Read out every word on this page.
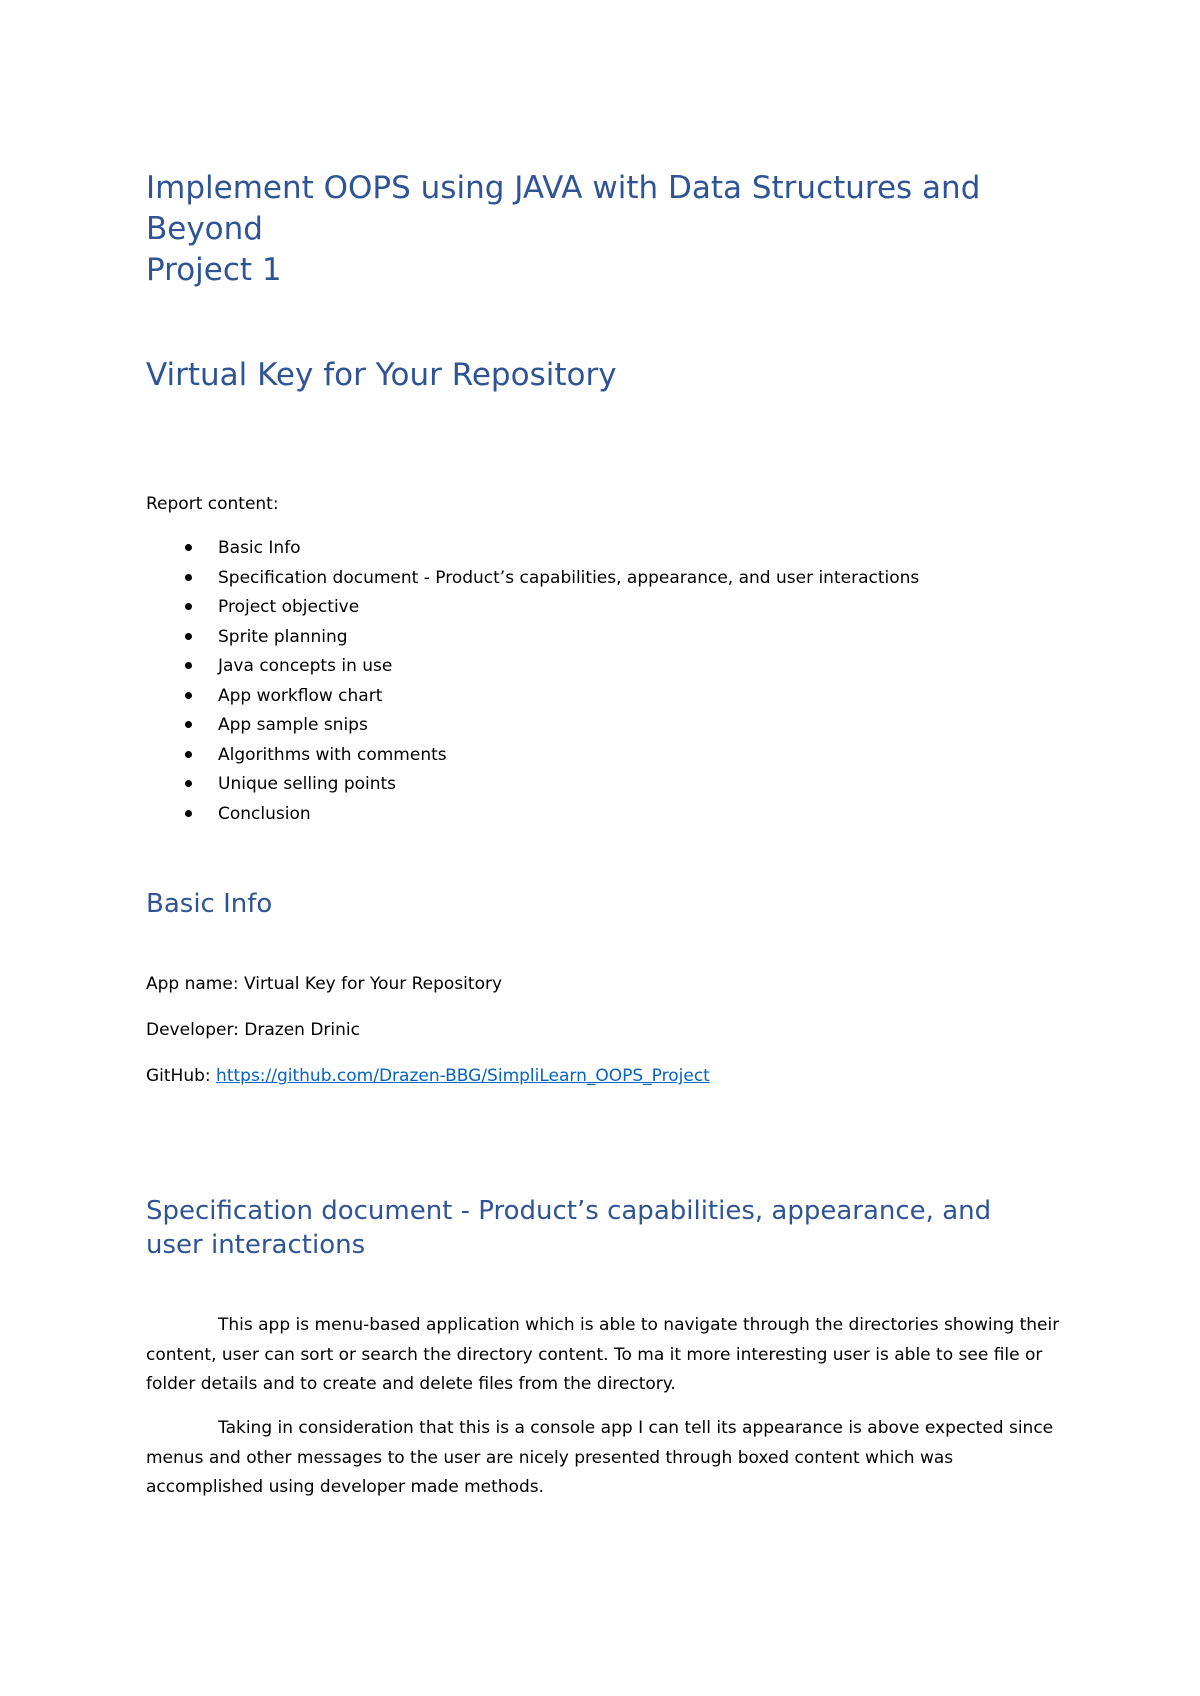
Implement OOPS using JAVA with Data Structures and
Beyond
Project 1
Virtual Key for Your Repository
Report content:
Basic Info
Specification document - Product’s capabilities, appearance, and user interactions
Project objective
Sprite planning
Java concepts in use
App workflow chart
App sample snips
Algorithms with comments
Unique selling points
Conclusion
Basic Info
App name: Virtual Key for Your Repository
Developer: Drazen Drinic
GitHub: https://github.com/Drazen-BBG/SimpliLearn_OOPS_Project
Specification document - Product’s capabilities, appearance, and
user interactions
This app is menu-based application which is able to navigate through the directories showing their content, user can sort or search the directory content. To ma it more interesting user is able to see file or folder details and to create and delete files from the directory.
Taking in consideration that this is a console app I can tell its appearance is above expected since menus and other messages to the user are nicely presented through boxed content which was accomplished using developer made methods.
